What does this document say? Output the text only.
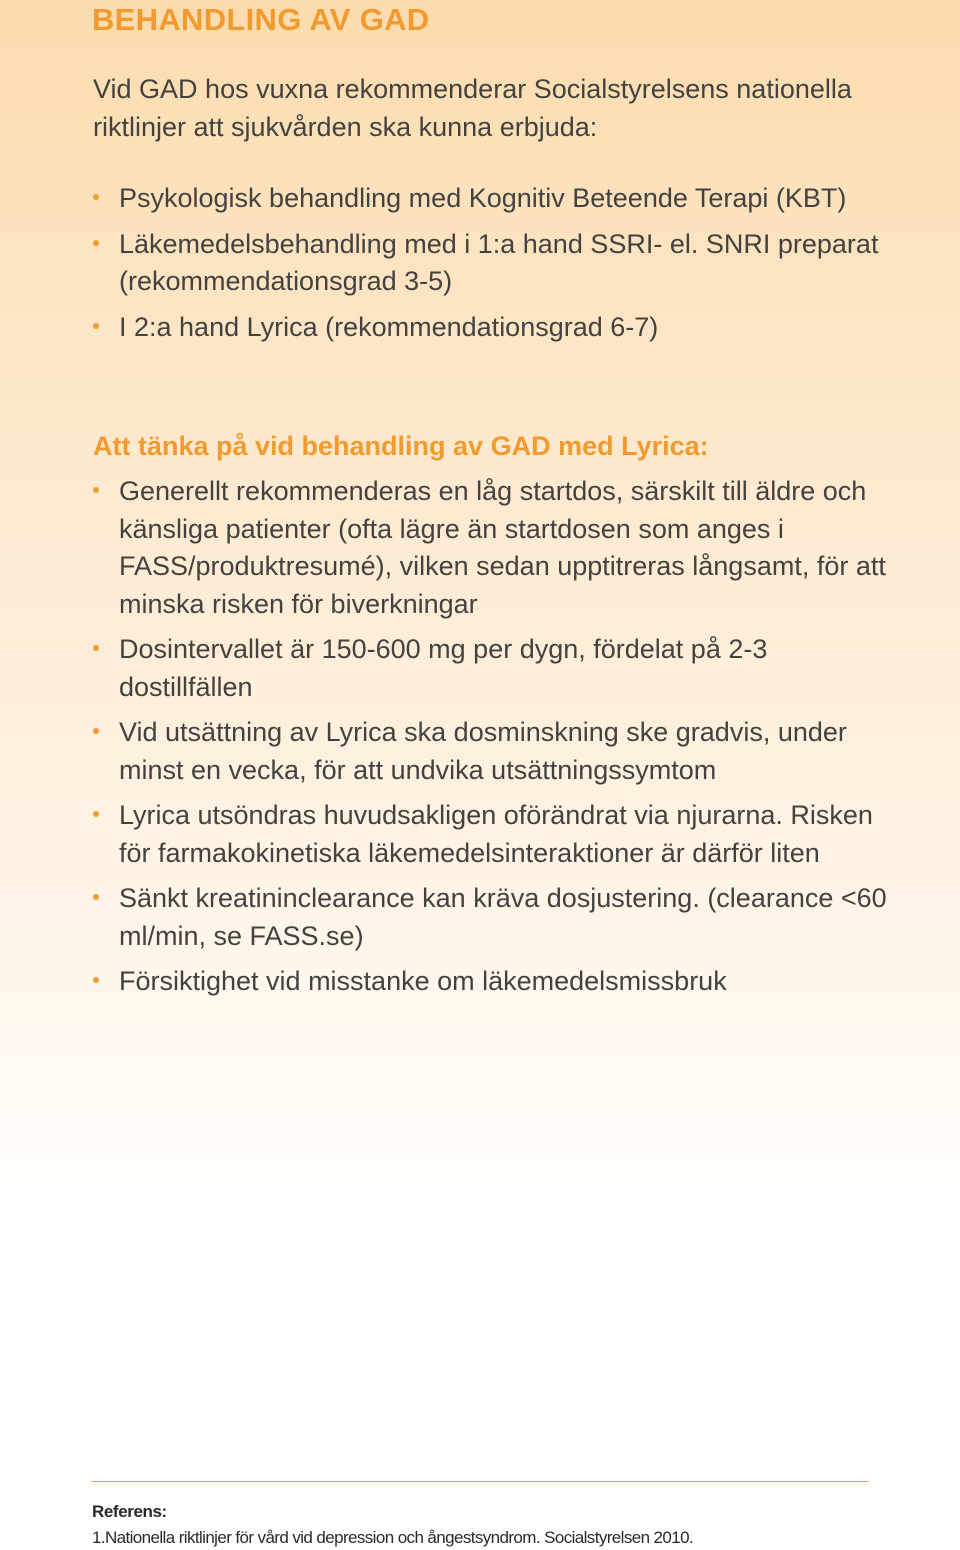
BEHANDLING AV GAD

Vid GAD hos vuxna rekommenderar Socialstyrelsens nationella riktlinjer att sjukvården ska kunna erbjuda:

Psykologisk behandling med Kognitiv Beteende Terapi (KBT)
Läkemedelsbehandling med i 1:a hand SSRI- el. SNRI preparat (rekommendationsgrad 3-5)
I 2:a hand Lyrica (rekommendationsgrad 6-7)
Att tänka på vid behandling av GAD med Lyrica:
Generellt rekommenderas en låg startdos, särskilt till äldre och känsliga patienter (ofta lägre än startdosen som anges i FASS/produktresumé), vilken sedan upptitreras långsamt, för att minska risken för biverkningar
Dosintervallet är 150-600 mg per dygn, fördelat på 2-3 dostillfällen
Vid utsättning av Lyrica ska dosminskning ske gradvis, under minst en vecka, för att undvika utsättningssymtom
Lyrica utsöndras huvudsakligen oförändrat via njurarna. Risken för farmakokinetiska läkemedelsinteraktioner är därför liten
Sänkt kreatininclearance kan kräva dosjustering. (clearance <60 ml/min, se FASS.se)
Försiktighet vid misstanke om läkemedelsmissbruk

Referens:

1.Nationella riktlinjer för vård vid depression och ångestsyndrom. Socialstyrelsen 2010.
